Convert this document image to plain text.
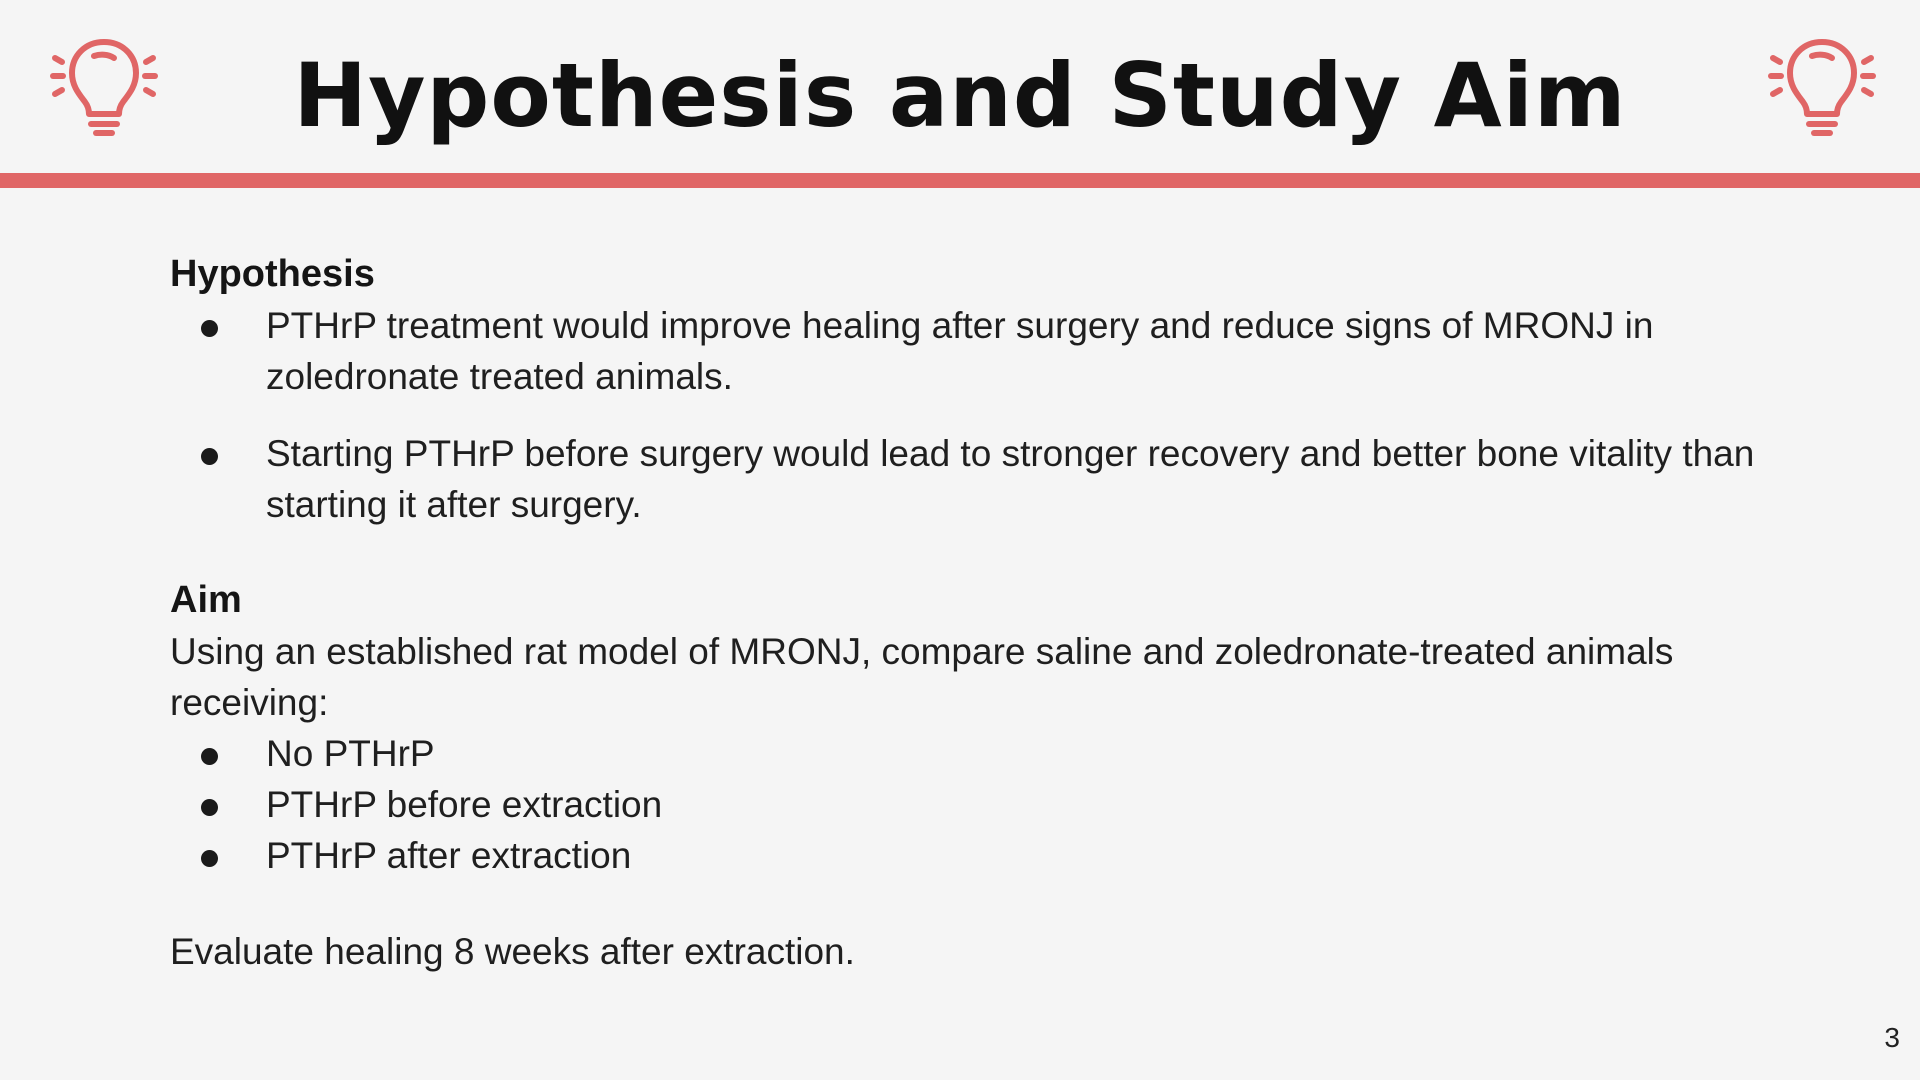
Hypothesis and Study Aim
Hypothesis
PTHrP treatment would improve healing after surgery and reduce signs of MRONJ in zoledronate treated animals.
Starting PTHrP before surgery would lead to stronger recovery and better bone vitality than starting it after surgery.
Aim
Using an established rat model of MRONJ, compare saline and zoledronate-treated animals receiving:
No PTHrP
PTHrP before extraction
PTHrP after extraction
Evaluate healing 8 weeks after extraction.
3
